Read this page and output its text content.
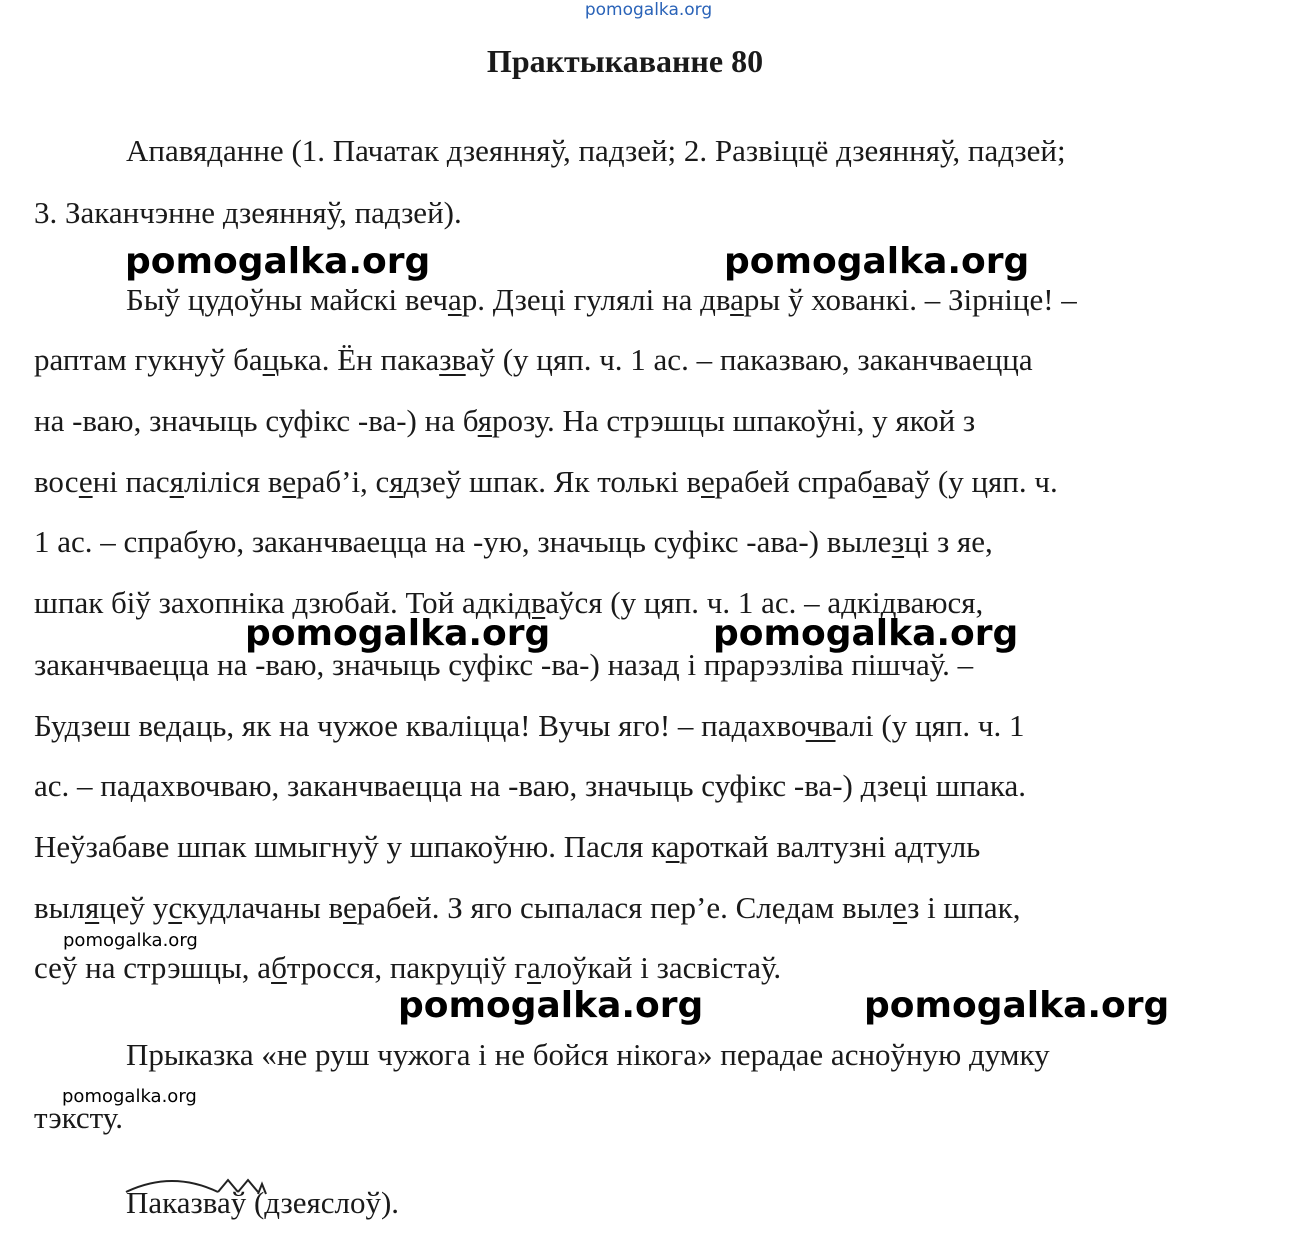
pomogalka.org
Практыкаванне 80
Апавяданне (1. Пачатак дзеянняў, падзей; 2. Развіццё дзеянняў, падзей;
3. Заканчэнне дзеянняў, падзей).
pomogalka.org	pomogalka.org
Быў цудоўны майскі вечар. Дзеці гулялі на двары ў хованкі. – Зірніце! –
раптам гукнуў бацька. Ён паказваў (у цяп. ч. 1 ас. – паказваю, заканчваецца
на -ваю, значыць суфікс -ва-) на бярозу. На стрэшцы шпакоўні, у якой з
восені пасяліліся вераб’і, сядзеў шпак. Як толькі верабей спрабаваў (у цяп. ч.
1 ас. – спрабую, заканчваецца на -ую, значыць суфікс -ава-) вылезці з яе,
шпак біў захопніка дзюбай. Той адкідваўся (у цяп. ч. 1 ас. – адкідваюся,
pomogalka.org	pomogalka.org
заканчваецца на -ваю, значыць суфікс -ва-) назад і прарэзліва пішчаў. –
Будзеш ведаць, як на чужое кваліцца! Вучы яго! – падахвочвалі (у цяп. ч. 1
ас. – падахвочваю, заканчваецца на -ваю, значыць суфікс -ва-) дзеці шпака.
Неўзабаве шпак шмыгнуў у шпакоўню. Пасля кароткай валтузні адтуль
выляцеў ускудлачаны верабей. З яго сыпалася пер’е. Следам вылез і шпак,
pomogalka.org
сеў на стрэшцы, абтросся, пакруціў галоўкай і засвістаў.
pomogalka.org	pomogalka.org
Прыказка «не руш чужога і не бойся нікога» перадае асноўную думку
pomogalka.org
тэксту.
Паказваў (дзеяслоў).
